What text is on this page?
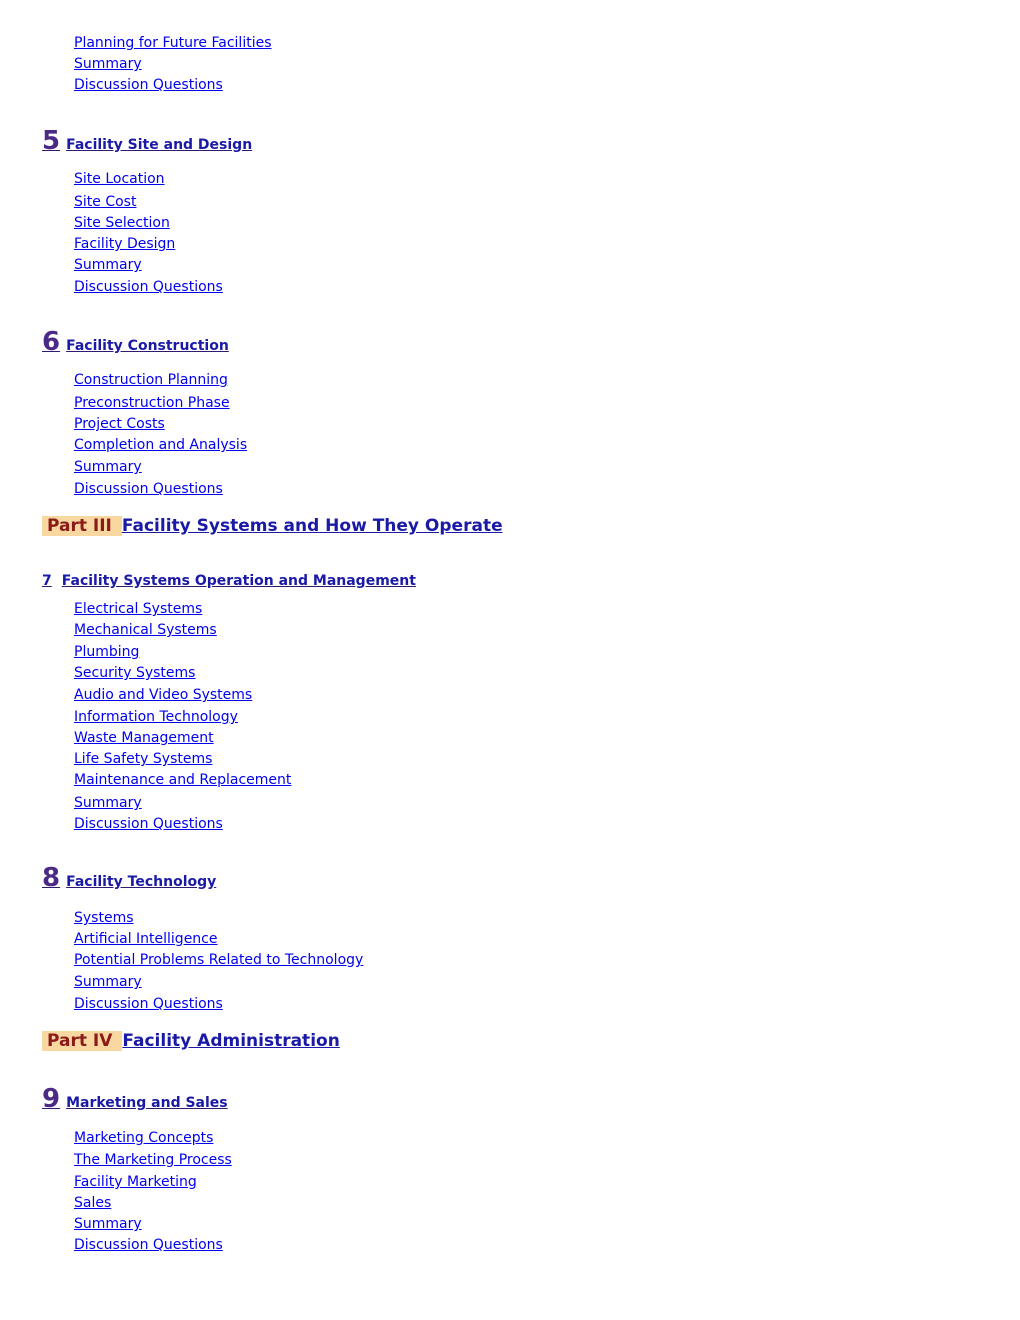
Planning for Future Facilities
Summary
Discussion Questions
5 Facility Site and Design
Site Location
Site Cost
Site Selection
Facility Design
Summary
Discussion Questions
6 Facility Construction
Construction Planning
Preconstruction Phase
Project Costs
Completion and Analysis
Summary
Discussion Questions
Part III Facility Systems and How They Operate
7 Facility Systems Operation and Management
Electrical Systems
Mechanical Systems
Plumbing
Security Systems
Audio and Video Systems
Information Technology
Waste Management
Life Safety Systems
Maintenance and Replacement
Summary
Discussion Questions
8 Facility Technology
Systems
Artificial Intelligence
Potential Problems Related to Technology
Summary
Discussion Questions
Part IV Facility Administration
9 Marketing and Sales
Marketing Concepts
The Marketing Process
Facility Marketing
Sales
Summary
Discussion Questions
